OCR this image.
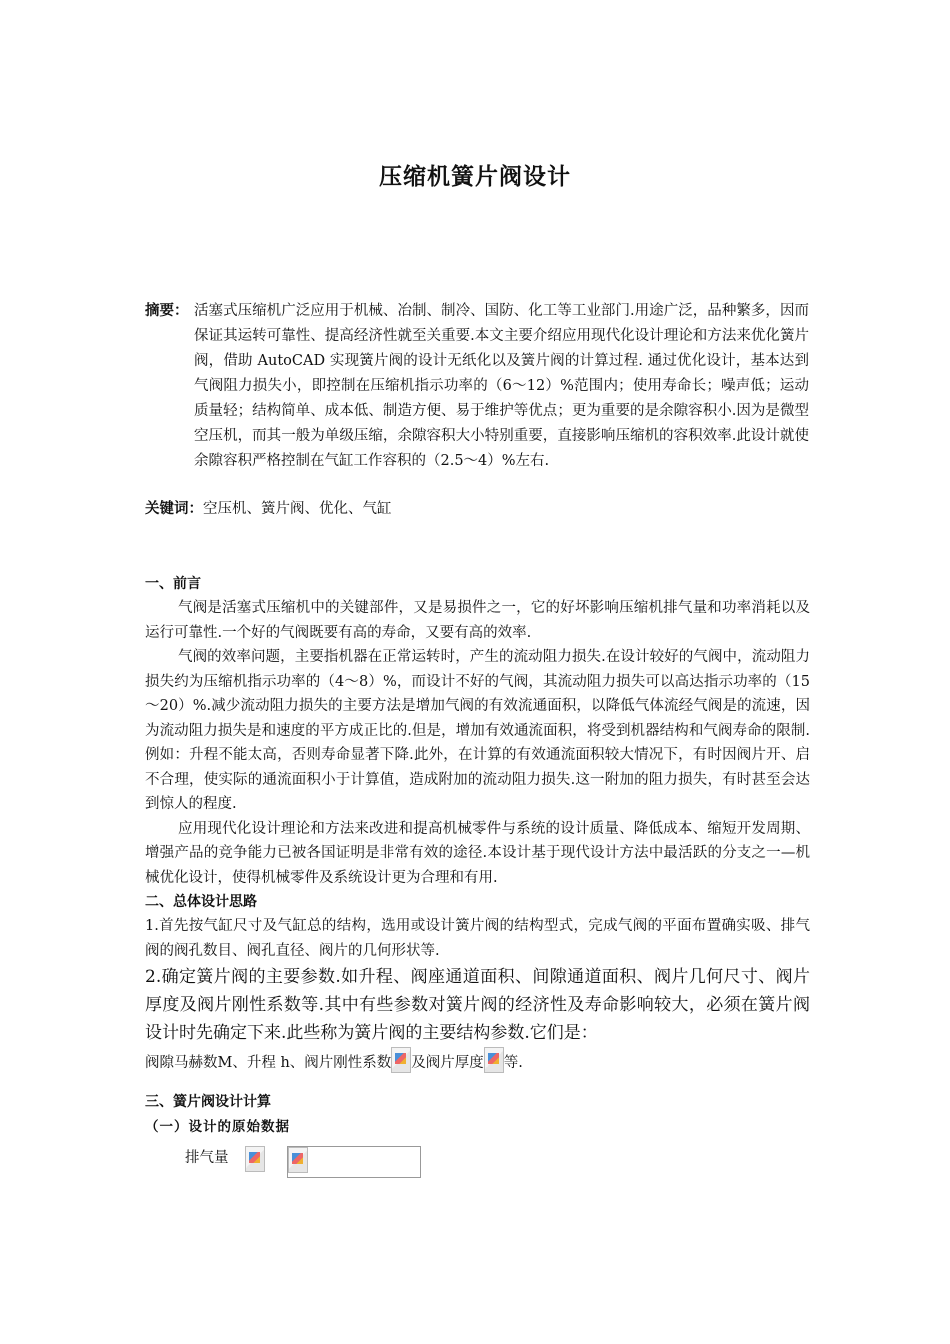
压缩机簧片阀设计
摘要： 活塞式压缩机广泛应用于机械、冶制、制冷、国防、化工等工业部门.用途广泛，品种繁多，因而保证其运转可靠性、提高经济性就至关重要.本文主要介绍应用现代化设计理论和方法来优化簧片阀，借助 AutoCAD 实现簧片阀的设计无纸化以及簧片阀的计算过程. 通过优化设计，基本达到气阀阻力损失小，即控制在压缩机指示功率的（6～12）%范围内；使用寿命长；噪声低；运动质量轻；结构简单、成本低、制造方便、易于维护等优点；更为重要的是余隙容积小.因为是微型空压机，而其一般为单级压缩，余隙容积大小特别重要，直接影响压缩机的容积效率.此设计就使余隙容积严格控制在气缸工作容积的（2.5～4）%左右.
关键词：空压机、簧片阀、优化、气缸
一、前言

气阀是活塞式压缩机中的关键部件，又是易损件之一，它的好坏影响压缩机排气量和功率消耗以及运行可靠性.一个好的气阀既要有高的寿命，又要有高的效率.

气阀的效率问题，主要指机器在正常运转时，产生的流动阻力损失.在设计较好的气阀中，流动阻力损失约为压缩机指示功率的（4～8）%，而设计不好的气阀，其流动阻力损失可以高达指示功率的（15～20）%.减少流动阻力损失的主要方法是增加气阀的有效流通面积，以降低气体流经气阀是的流速，因为流动阻力损失是和速度的平方成正比的.但是，增加有效通流面积，将受到机器结构和气阀寿命的限制.例如：升程不能太高，否则寿命显著下降.此外，在计算的有效通流面积较大情况下，有时因阀片开、启不合理，使实际的通流面积小于计算值，造成附加的流动阻力损失.这一附加的阻力损失，有时甚至会达到惊人的程度.

应用现代化设计理论和方法来改进和提高机械零件与系统的设计质量、降低成本、缩短开发周期、增强产品的竞争能力已被各国证明是非常有效的途径.本设计基于现代设计方法中最活跃的分支之一—机械优化设计，使得机械零件及系统设计更为合理和有用.

二、总体设计思路

1.首先按气缸尺寸及气缸总的结构，选用或设计簧片阀的结构型式，完成气阀的平面布置确实吸、排气阀的阀孔数目、阀孔直径、阀片的几何形状等.

2.确定簧片阀的主要参数.如升程、阀座通道面积、间隙通道面积、阀片几何尺寸、阀片厚度及阀片刚性系数等.其中有些参数对簧片阀的经济性及寿命影响较大，必须在簧片阀设计时先确定下来.此些称为簧片阀的主要结构参数.它们是：

阀隙马赫数M、升程 h、阀片刚性系数 及阀片厚度 等.

三、簧片阀设计计算
（一）设计的原始数据
排气量
